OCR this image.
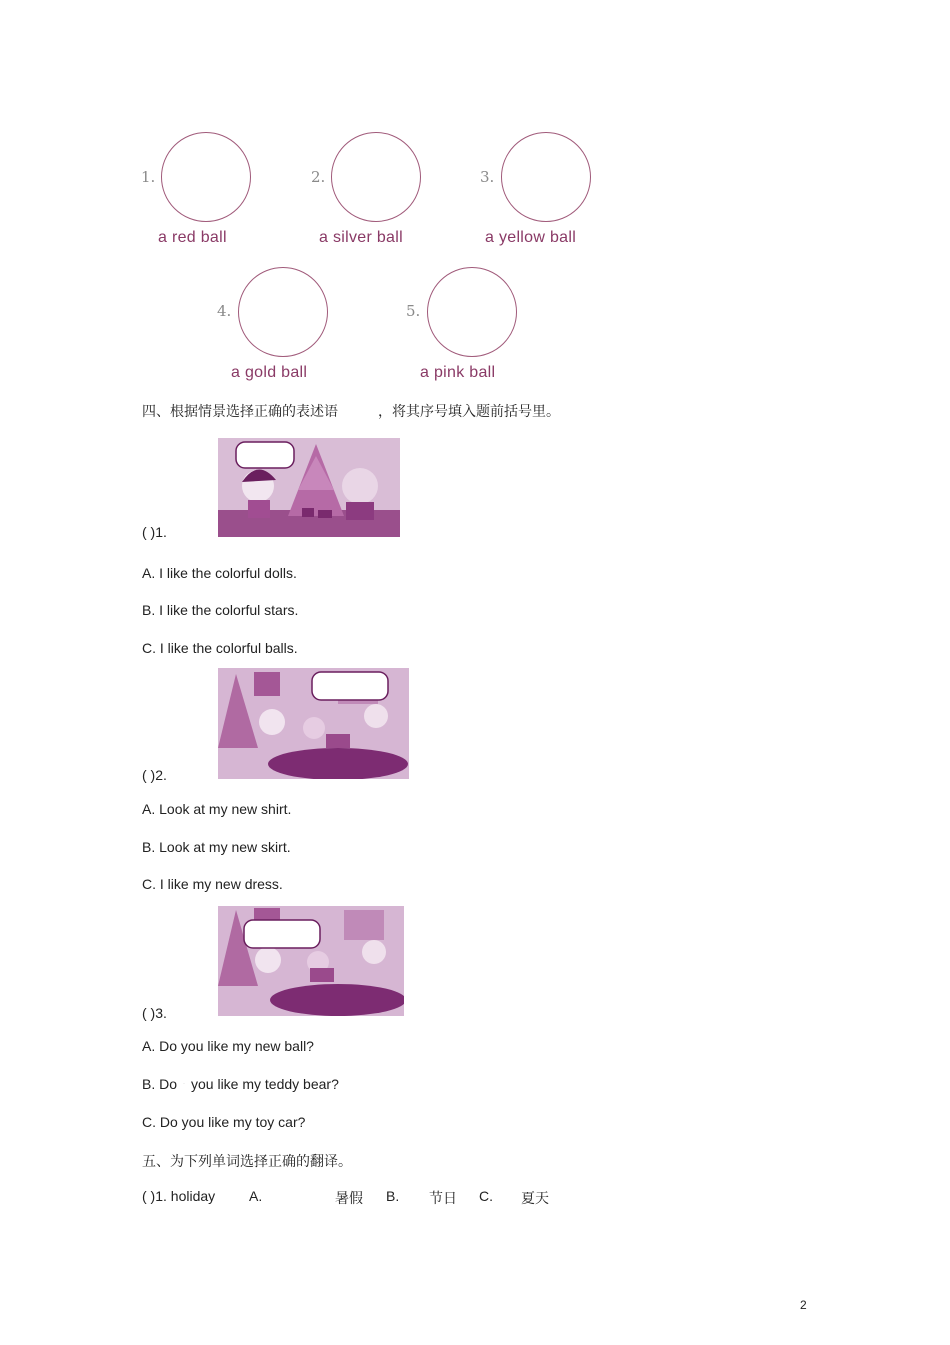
1.
a red ball
2.
a silver ball
3.
a yellow ball
4.
a gold ball
5.
a pink ball
四、根据情景选择正确的表述语	，将其序号填入题前括号里。
( )1.
A. I like the colorful dolls.
B. I like the colorful stars.
C. I like the colorful balls.
( )2.
A. Look at my new shirt.
B. Look at my new skirt.
C. I like my new dress.
( )3.
A. Do you like my new ball?
B. Do · you like my teddy bear?
C. Do you like my toy car?
五、为下列单词选择正确的翻译。
( )1. holiday A.	暑假 B. 节日 C. 夏天
2
